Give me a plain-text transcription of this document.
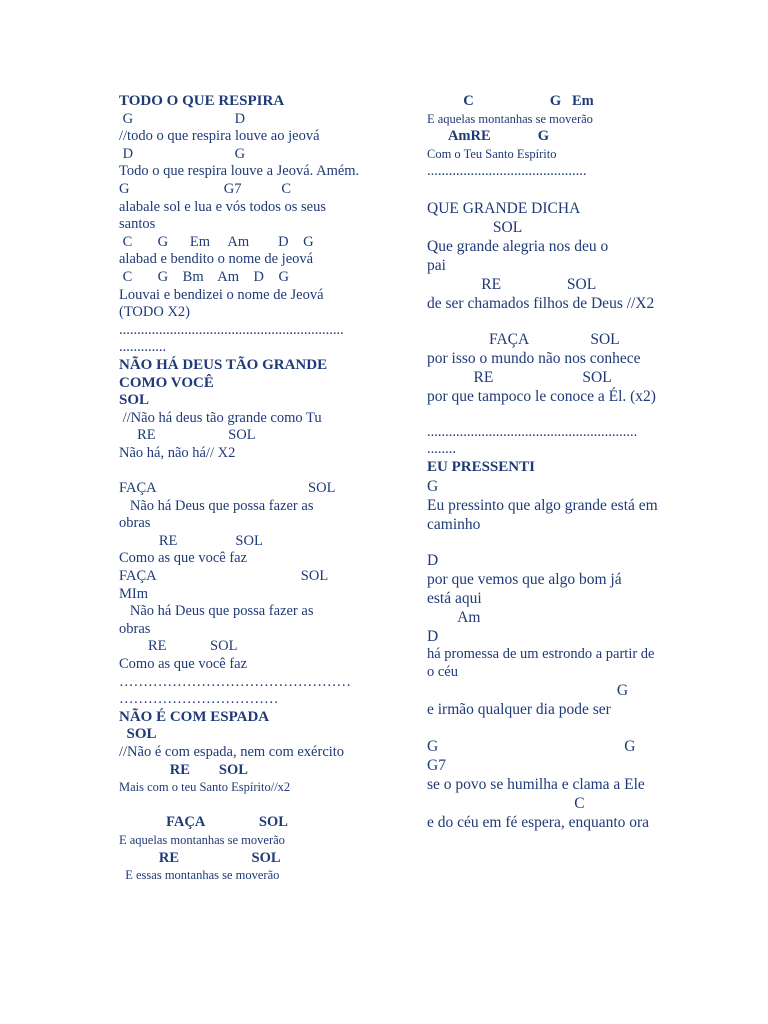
TODO O QUE RESPIRA
G                            D
//todo o que respira louve ao jeová
D                            G
Todo o que respira louve a Jeová. Amém.
G                          G7           C
alabale sol e lua e vós todos os seus
santos
C       G      Em     Am        D    G
alabad e bendito o nome de jeová
C       G    Bm    Am    D    G
Louvai e bendizei o nome de Jeová
(TODO X2)
..............................................................
.............
NÃO HÁ DEUS TÃO GRANDE
COMO VOCÊ
SOL
//Não há deus tão grande como Tu
RE                    SOL
Não há, não há// X2
FAÇA                                          SOL
Não há Deus que possa fazer as
obras
RE                SOL
Como as que você faz
FAÇA                                        SOL
MIm
Não há Deus que possa fazer as
obras
RE            SOL
Como as que você faz
…………………………………………
……………………………
NÃO É COM ESPADA
SOL
//Não é com espada, nem com exército
RE        SOL
Mais com o teu Santo Espírito//x2
FAÇA               SOL
E aquelas montanhas se moverão
RE                    SOL
E essas montanhas se moverão
C                     G   Em
E aquelas montanhas se moverão
AmRE             G
Com o Teu Santo Espírito
............................................
QUE GRANDE DICHA
SOL
Que grande alegria nos deu o
pai
RE                 SOL
de ser chamados filhos de Deus //X2
FAÇA                SOL
por isso o mundo não nos conhece
RE                       SOL
por que tampoco le conoce a Él. (x2)
..........................................................
........
EU PRESSENTI
G
Eu pressinto que algo grande está em
caminho
D
por que vemos que algo bom já
está aqui
Am
D
há promessa de um estrondo a partir de
o céu
G
e irmão qualquer dia pode ser
G                                                G
G7
se o povo se humilha e clama a Ele
C
e do céu em fé espera, enquanto ora
